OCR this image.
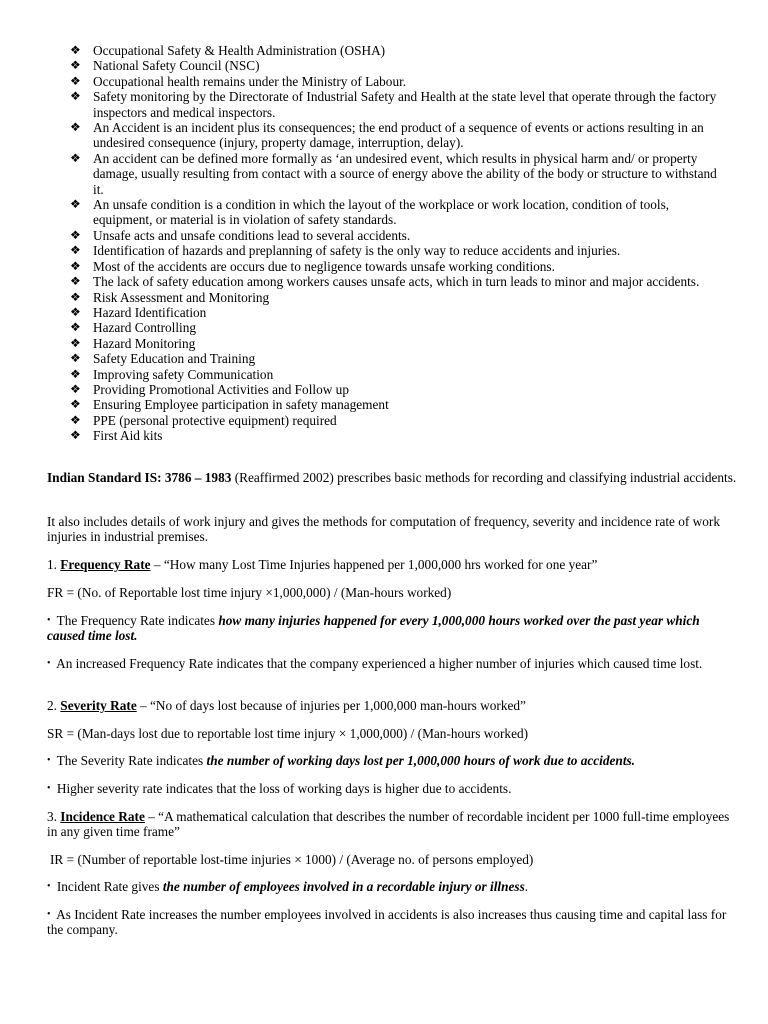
❖ Occupational Safety & Health Administration (OSHA)
❖ National Safety Council (NSC)
❖ Occupational health remains under the Ministry of Labour.
❖ Safety monitoring by the Directorate of Industrial Safety and Health at the state level that operate through the factory inspectors and medical inspectors.
❖ An Accident is an incident plus its consequences; the end product of a sequence of events or actions resulting in an undesired consequence (injury, property damage, interruption, delay).
❖ An accident can be defined more formally as ‘an undesired event, which results in physical harm and/ or property damage, usually resulting from contact with a source of energy above the ability of the body or structure to withstand it.
❖ An unsafe condition is a condition in which the layout of the workplace or work location, condition of tools, equipment, or material is in violation of safety standards.
❖ Unsafe acts and unsafe conditions lead to several accidents.
❖ Identification of hazards and preplanning of safety is the only way to reduce accidents and injuries.
❖ Most of the accidents are occurs due to negligence towards unsafe working conditions.
❖ The lack of safety education among workers causes unsafe acts, which in turn leads to minor and major accidents.
❖ Risk Assessment and Monitoring
❖ Hazard Identification
❖ Hazard Controlling
❖ Hazard Monitoring
❖ Safety Education and Training
❖ Improving safety Communication
❖ Providing Promotional Activities and Follow up
❖ Ensuring Employee participation in safety management
❖ PPE (personal protective equipment) required
❖ First Aid kits
Indian Standard IS: 3786 – 1983 (Reaffirmed 2002) prescribes basic methods for recording and classifying industrial accidents.
It also includes details of work injury and gives the methods for computation of frequency, severity and incidence rate of work injuries in industrial premises.
1. Frequency Rate – “How many Lost Time Injuries happened per 1,000,000 hrs worked for one year”
FR = (No. of Reportable lost time injury ×1,000,000) / (Man-hours worked)
• The Frequency Rate indicates how many injuries happened for every 1,000,000 hours worked over the past year which caused time lost.
• An increased Frequency Rate indicates that the company experienced a higher number of injuries which caused time lost.
2. Severity Rate – “No of days lost because of injuries per 1,000,000 man-hours worked”
SR = (Man-days lost due to reportable lost time injury × 1,000,000) / (Man-hours worked)
• The Severity Rate indicates the number of working days lost per 1,000,000 hours of work due to accidents.
• Higher severity rate indicates that the loss of working days is higher due to accidents.
3. Incidence Rate – “A mathematical calculation that describes the number of recordable incident per 1000 full-time employees in any given time frame”
IR = (Number of reportable lost-time injuries × 1000) / (Average no. of persons employed)
• Incident Rate gives the number of employees involved in a recordable injury or illness.
• As Incident Rate increases the number employees involved in accidents is also increases thus causing time and capital lass for the company.
